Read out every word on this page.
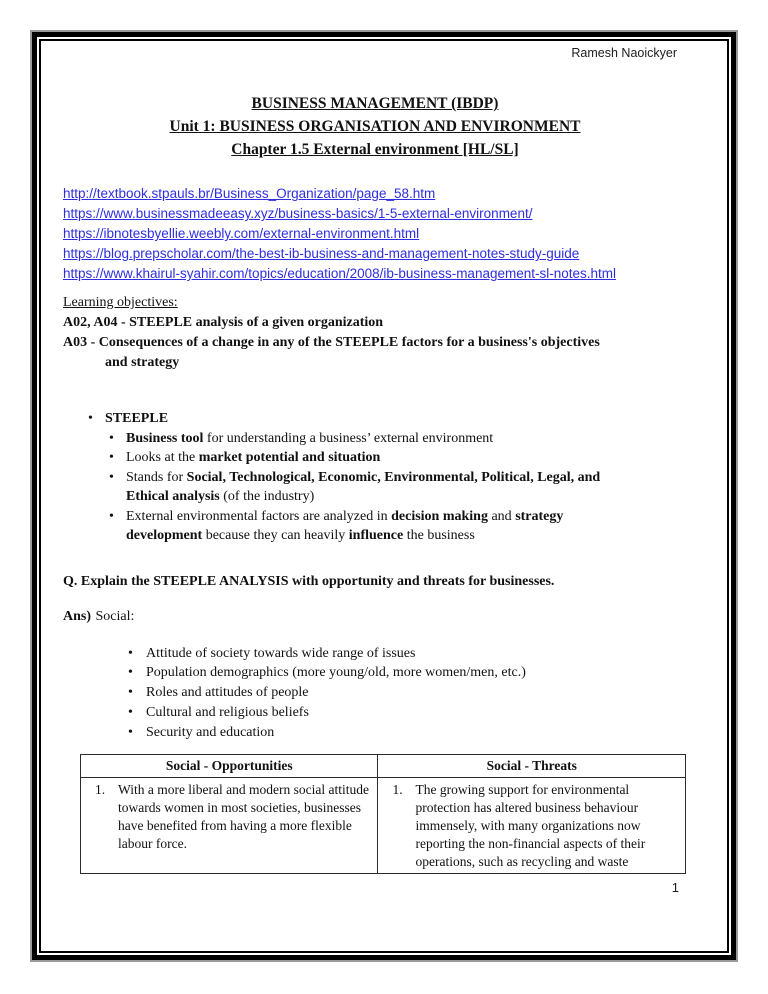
Ramesh Naoickyer
BUSINESS MANAGEMENT (IBDP)
Unit 1: BUSINESS ORGANISATION AND ENVIRONMENT
Chapter 1.5 External environment [HL/SL]
http://textbook.stpauls.br/Business_Organization/page_58.htm
https://www.businessmadeeasy.xyz/business-basics/1-5-external-environment/
https://ibnotesbyellie.weebly.com/external-environment.html
https://blog.prepscholar.com/the-best-ib-business-and-management-notes-study-guide
https://www.khairul-syahir.com/topics/education/2008/ib-business-management-sl-notes.html
Learning objectives:
A02, A04 - STEEPLE analysis of a given organization
A03 - Consequences of a change in any of the STEEPLE factors for a business's objectives
and strategy
• STEEPLE
• Business tool for understanding a business’ external environment
• Looks at the market potential and situation
• Stands for Social, Technological, Economic, Environmental, Political, Legal, and
Ethical analysis (of the industry)
• External environmental factors are analyzed in decision making and strategy
development because they can heavily influence the business
Q. Explain the STEEPLE ANALYSIS with opportunity and threats for businesses.
Ans) Social:
• Attitude of society towards wide range of issues
• Population demographics (more young/old, more women/men, etc.)
• Roles and attitudes of people
• Cultural and religious beliefs
• Security and education
Social - Opportunities	Social - Threats

1. With a more liberal and modern social attitude towards women in most societies, businesses have benefited from having a more flexible labour force.	1. The growing support for environmental protection has altered business behaviour immensely, with many organizations now reporting the non-financial aspects of their operations, such as recycling and waste
1
